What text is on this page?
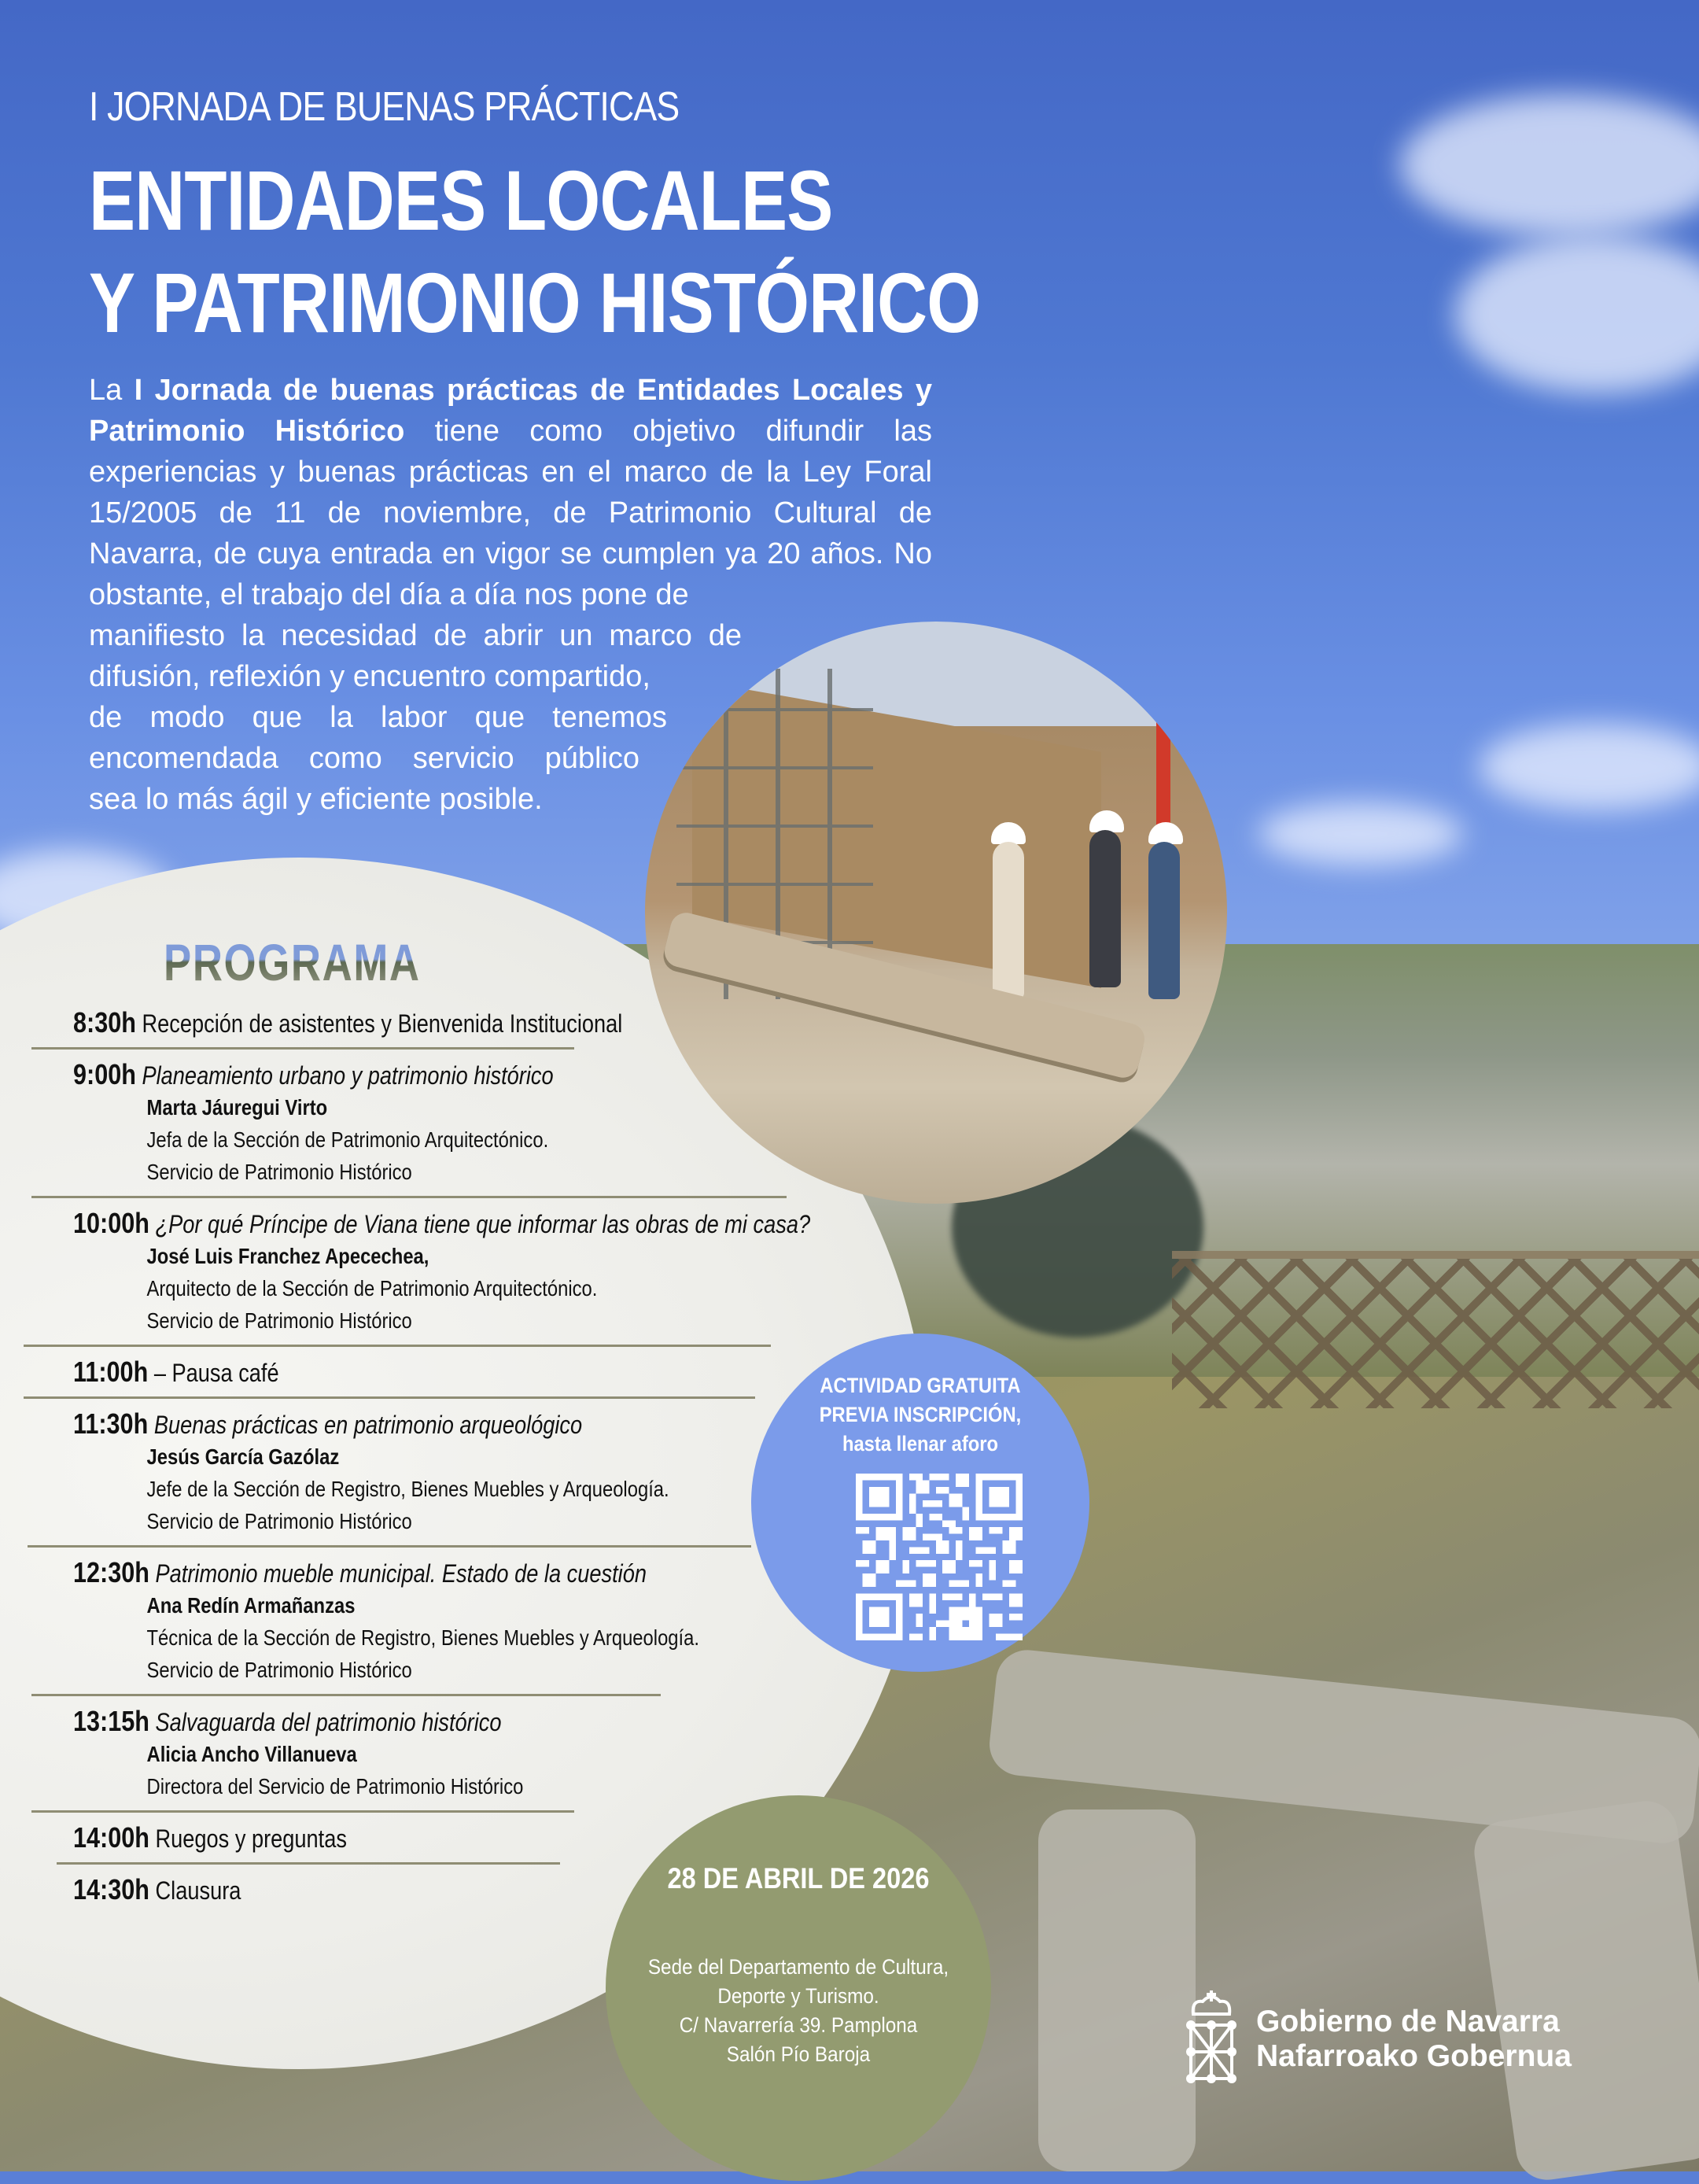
I JORNADA DE BUENAS PRÁCTICAS
ENTIDADES LOCALES
Y PATRIMONIO HISTÓRICO
La I Jornada de buenas prácticas de Entidades Locales y Patrimonio Histórico tiene como objetivo difundir las experiencias y buenas prácticas en el marco de la Ley Foral 15/2005 de 11 de noviembre, de Patrimonio Cultural de Navarra, de cuya entrada en vigor se cumplen ya 20 años. No obstante, el trabajo del día a día nos pone de
manifiesto la necesidad de abrir un marco de
difusión, reflexión y encuentro compartido,
de modo que la labor que tenemos
encomendada como servicio público
sea lo más ágil y eficiente posible.
PROGRAMA
8:30h Recepción de asistentes y Bienvenida Institucional
9:00h Planeamiento urbano y patrimonio histórico
Marta Jáuregui Virto
Jefa de la Sección de Patrimonio Arquitectónico.
Servicio de Patrimonio Histórico
10:00h ¿Por qué Príncipe de Viana tiene que informar las obras de mi casa?
José Luis Franchez Apecechea,
Arquitecto de la Sección de Patrimonio Arquitectónico.
Servicio de Patrimonio Histórico
11:00h – Pausa café
11:30h Buenas prácticas en patrimonio arqueológico
Jesús García Gazólaz
Jefe de la Sección de Registro, Bienes Muebles y Arqueología.
Servicio de Patrimonio Histórico
12:30h Patrimonio mueble municipal. Estado de la cuestión
Ana Redín Armañanzas
Técnica de la Sección de Registro, Bienes Muebles y Arqueología.
Servicio de Patrimonio Histórico
13:15h Salvaguarda del patrimonio histórico
Alicia Ancho Villanueva
Directora del Servicio de Patrimonio Histórico
14:00h Ruegos y preguntas
14:30h Clausura
ACTIVIDAD GRATUITA
PREVIA INSCRIPCIÓN,
hasta llenar aforo
28 DE ABRIL DE 2026
Sede del Departamento de Cultura,
Deporte y Turismo.
C/ Navarrería 39. Pamplona
Salón Pío Baroja
Gobierno de Navarra
Nafarroako Gobernua
